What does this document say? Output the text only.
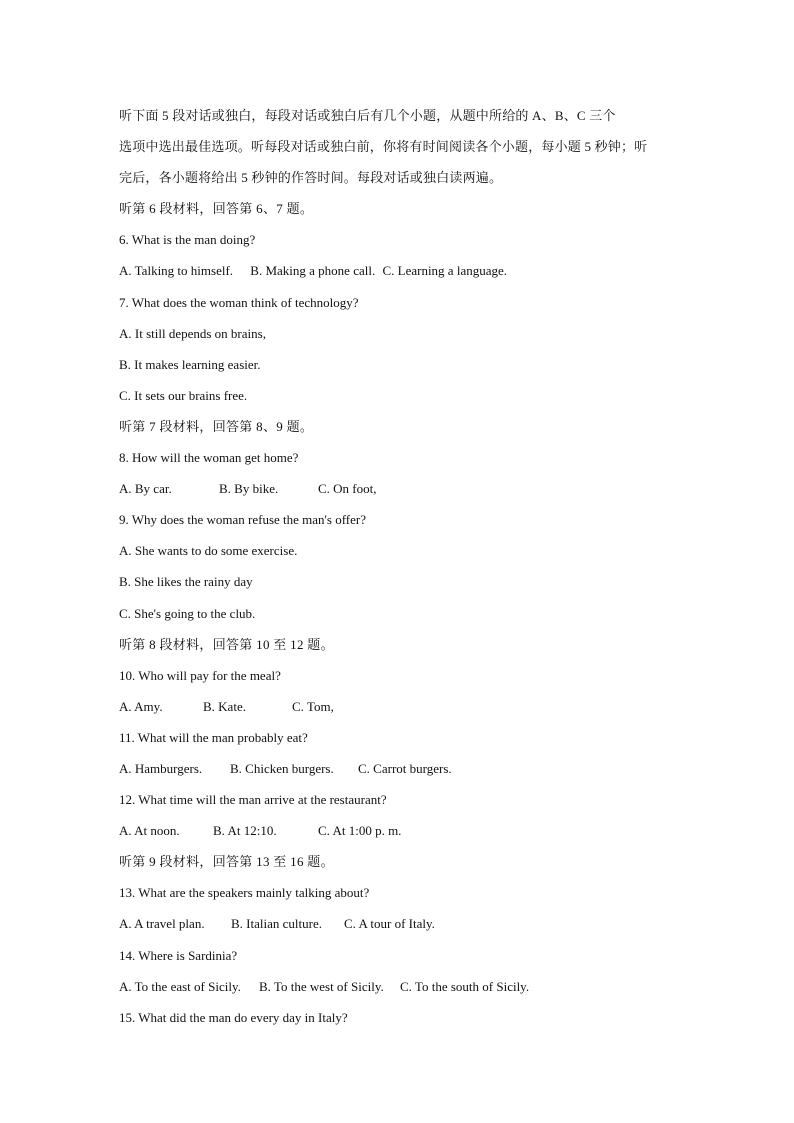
听下面 5 段对话或独白，每段对话或独白后有几个小题，从题中所给的 A、B、C 三个
选项中选出最佳选项。听每段对话或独白前，你将有时间阅读各个小题，每小题 5 秒钟；听
完后，各小题将给出 5 秒钟的作答时间。每段对话或独白读两遍。
听第 6 段材料，回答第 6、7 题。
6. What is the man doing?
A. Talking to himself. B. Making a phone call. C. Learning a language.
7. What does the woman think of technology?
A. It still depends on brains,
B. It makes learning easier.
C. It sets our brains free.
听第 7 段材料，回答第 8、9 题。
8. How will the woman get home?
A. By car.	B. By bike.	C. On foot,
9. Why does the woman refuse the man's offer?
A. She wants to do some exercise.
B. She likes the rainy day
C. She's going to the club.
听第 8 段材料，回答第 10 至 12 题。
10. Who will pay for the meal?
A. Amy.	B. Kate.	C. Tom,
11. What will the man probably eat?
A. Hamburgers. B. Chicken burgers. C. Carrot burgers.
12. What time will the man arrive at the restaurant?
A. At noon.	B. At 12:10.	C. At 1:00 p. m.
听第 9 段材料，回答第 13 至 16 题。
13. What are the speakers mainly talking about?
A. A travel plan. B. Italian culture. C. A tour of Italy.
14. Where is Sardinia?
A. To the east of Sicily. B. To the west of Sicily. C. To the south of Sicily.
15. What did the man do every day in Italy?
